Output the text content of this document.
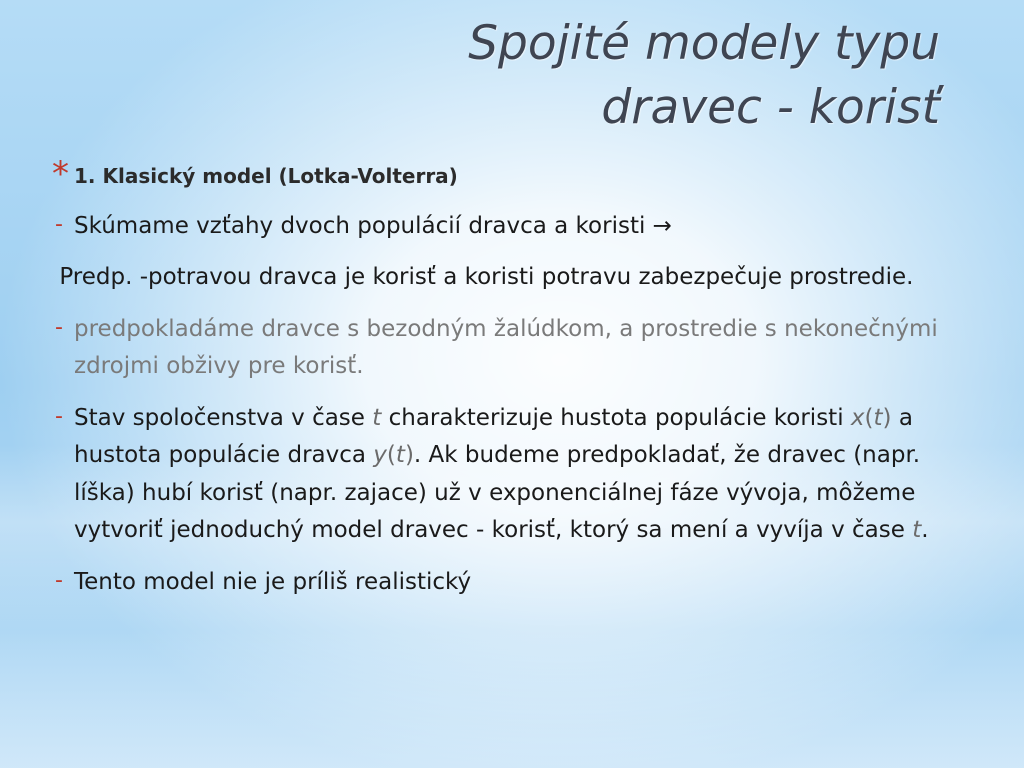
Spojité modely typu
dravec - korisť
* 1. Klasický model (Lotka-Volterra)
- Skúmame vzťahy dvoch populácií dravca a koristi →
Predp. -potravou dravca je korisť a koristi potravu zabezpečuje prostredie.
- predpokladáme dravce s bezodným žalúdkom, a prostredie s nekonečnými zdrojmi obživy pre korisť.
- Stav spoločenstva v čase t charakterizuje hustota populácie koristi x(t) a hustota populácie dravca y(t). Ak budeme predpokladať, že dravec (napr. líška) hubí korisť (napr. zajace) už v exponenciálnej fáze vývoja, môžeme vytvoriť jednoduchý model dravec - korisť, ktorý sa mení a vyvíja v čase t.
- Tento model nie je príliš realistický
